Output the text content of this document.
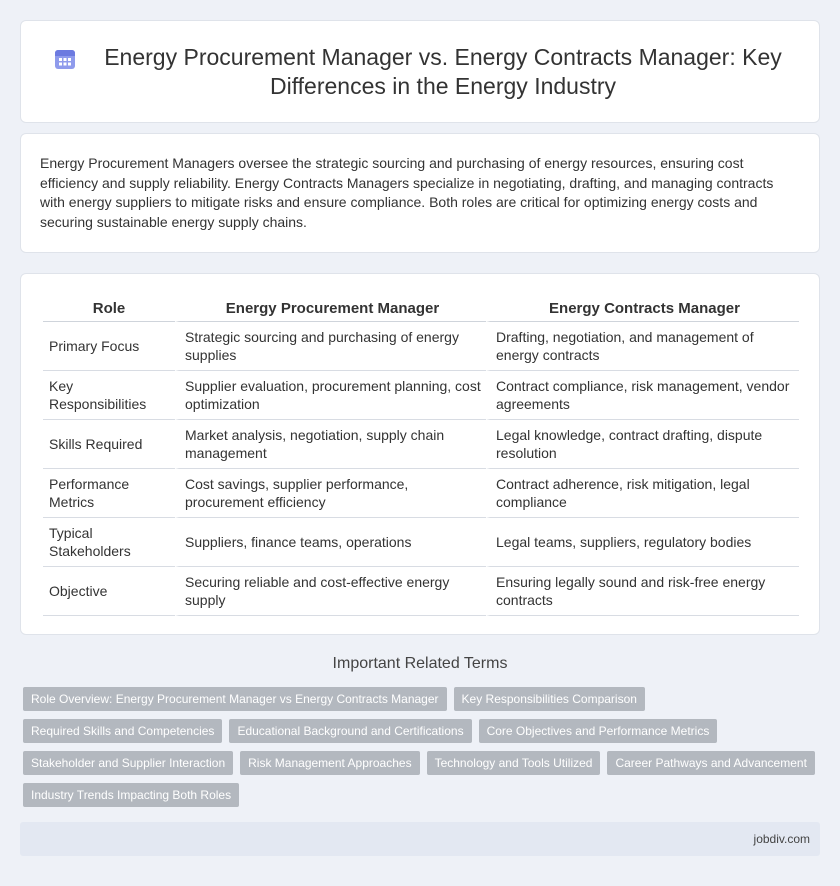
Energy Procurement Manager vs. Energy Contracts Manager: Key Differences in the Energy Industry

Energy Procurement Managers oversee the strategic sourcing and purchasing of energy resources, ensuring cost efficiency and supply reliability. Energy Contracts Managers specialize in negotiating, drafting, and managing contracts with energy suppliers to mitigate risks and ensure compliance. Both roles are critical for optimizing energy costs and securing sustainable energy supply chains.

Role	Energy Procurement Manager	Energy Contracts Manager
Primary Focus	Strategic sourcing and purchasing of energy supplies	Drafting, negotiation, and management of energy contracts
Key Responsibilities	Supplier evaluation, procurement planning, cost optimization	Contract compliance, risk management, vendor agreements
Skills Required	Market analysis, negotiation, supply chain management	Legal knowledge, contract drafting, dispute resolution
Performance Metrics	Cost savings, supplier performance, procurement efficiency	Contract adherence, risk mitigation, legal compliance
Typical Stakeholders	Suppliers, finance teams, operations	Legal teams, suppliers, regulatory bodies
Objective	Securing reliable and cost-effective energy supply	Ensuring legally sound and risk-free energy contracts
Important Related Terms
Role Overview: Energy Procurement Manager vs Energy Contracts Manager	Key Responsibilities Comparison
Required Skills and Competencies	Educational Background and Certifications	Core Objectives and Performance Metrics
Stakeholder and Supplier Interaction	Risk Management Approaches	Technology and Tools Utilized	Career Pathways and Advancement
Industry Trends Impacting Both Roles
jobdiv.com
